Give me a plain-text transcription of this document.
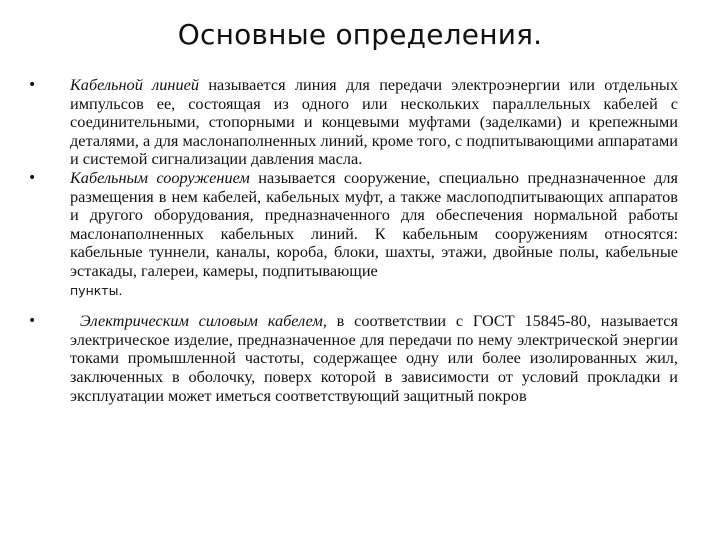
Основные определения.
• Кабельной линией называется линия для передачи электроэнергии или отдельных импульсов ее, состоящая из одного или нескольких параллельных кабелей с соединительными, стопорными и концевыми муфтами (заделками) и крепежными деталями, а для маслонаполненных линий, кроме того, с подпитывающими аппаратами и системой сигнализации давления масла.
• Кабельным сооружением называется сооружение, специально предназначенное для размещения в нем кабелей, кабельных муфт, а также маслоподпитывающих аппаратов и другого оборудования, предназначенного для обеспечения нормальной работы маслонаполненных кабельных линий. К кабельным сооружениям относятся: кабельные туннели, каналы, короба, блоки, шахты, этажи, двойные полы, кабельные эстакады, галереи, камеры, подпитывающие
пункты.
•	Электрическим силовым кабелем, в соответствии с ГОСТ 15845-80, называется электрическое изделие, предназначенное для передачи по нему электрической энергии токами промышленной частоты, содержащее одну или более изолированных жил, заключенных в оболочку, поверх которой в зависимости от условий прокладки и эксплуатации может иметься соответствующий защитный покров
